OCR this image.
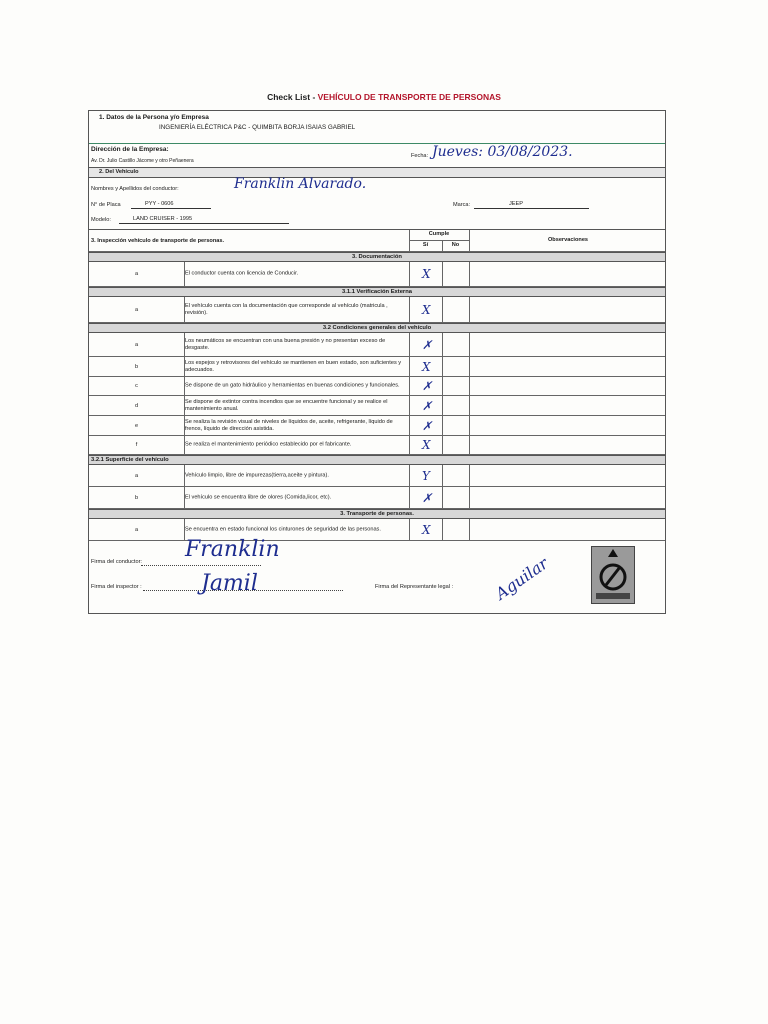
Check List - VEHÍCULO DE TRANSPORTE DE PERSONAS
1. Datos de la Persona y/o Empresa
INGENIERÍA ELÉCTRICA P&C - QUIMBITA BORJA ISAIAS GABRIEL
Dirección de la Empresa:
Av. Dr. Julio Castillo Jácome y otro Peñaenera
Fecha: Jueves: 03/08/2023.
2. Del Vehículo
Nombres y Apellidos del conductor:	Franklin Alvarado.
N° de Placa	PYY - 0606
Modelo:	LAND CRUISER - 1995
Marca:	JEEP
3. Inspección vehículo de transporte de personas.
Cumple
Sí	No
Observaciones
3. Documentación
a	El conductor cuenta con licencia de Conducir.	X
3.1.1 Verificación Externa
a
El vehículo cuenta con la documentación que corresponde al vehículo (matricula , revisión).	X
3.2 Condiciones generales del vehículo
a
Los neumáticos se encuentran con una buena presión y no presentan exceso de desgaste.	✗
b
Los espejos y retrovisores del vehículo se mantienen en buen estado, son suficientes y adecuados.	X
c	Se dispone de un gato hidráulico y herramientas en buenas condiciones y funcionales.	✗
d
Se dispone de extintor contra incendios que se encuentre funcional y se realice el mantenimiento anual.	✗
e
Se realiza la revisión visual de niveles de líquidos de, aceite, refrigerante, líquido de frenos, líquido de dirección asistida.	✗
f	Se realiza el mantenimiento periódico establecido por el fabricante.	X
3.2.1 Superficie del vehículo
a	Vehículo limpio, libre de impurezas(tierra,aceite y pintura).	Y
b	El vehículo se encuentra libre de olores (Comida,licor, etc).	✗
3. Transporte de personas.
a	Se encuentra en estado funcional los cinturones de seguridad de las personas.	X
Firma del conductor: Franklin
Firma del inspector :	Jamil	Firma del Representante legal : Aguilar
